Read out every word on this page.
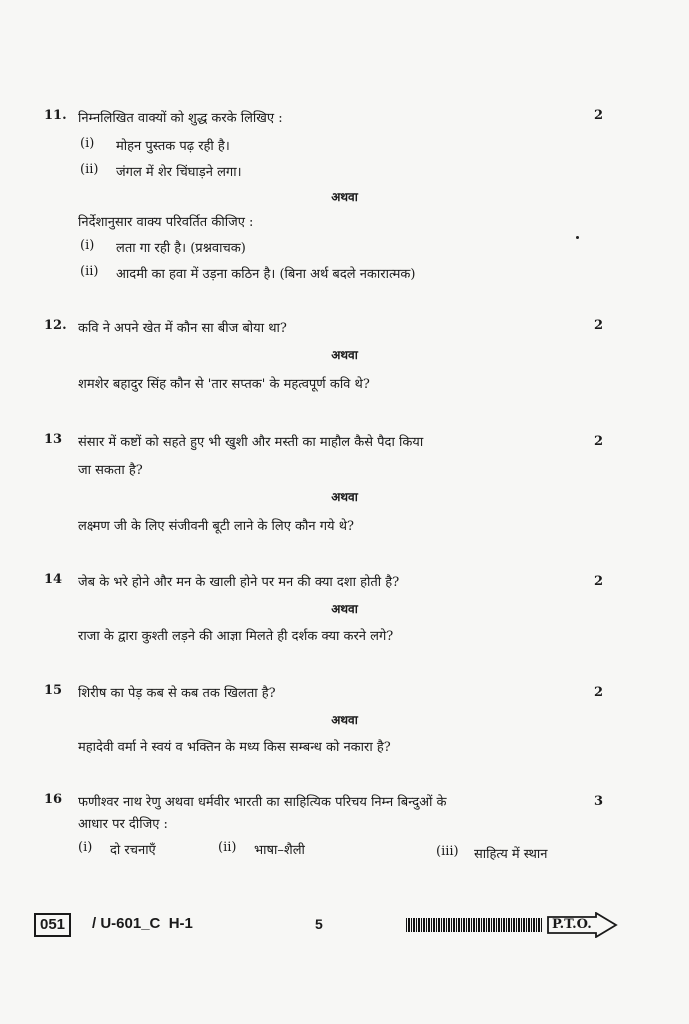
11. निम्नलिखित वाक्यों को शुद्ध करके लिखिए :	2
(i) मोहन पुस्तक पढ़ रही है।
(ii) जंगल में शेर चिंघाड़ने लगा।
अथवा
निर्देशानुसार वाक्य परिवर्तित कीजिए :
(i) लता गा रही है। (प्रश्नवाचक)
(ii) आदमी का हवा में उड़ना कठिन है। (बिना अर्थ बदले नकारात्मक)
12. कवि ने अपने खेत में कौन सा बीज बोया था?	2
अथवा
शमशेर बहादुर सिंह कौन से 'तार सप्तक' के महत्वपूर्ण कवि थे?
13 संसार में कष्टों को सहते हुए भी खुशी और मस्ती का माहौल कैसे पैदा किया	2
जा सकता है?
अथवा
लक्ष्मण जी के लिए संजीवनी बूटी लाने के लिए कौन गये थे?
14 जेब के भरे होने और मन के खाली होने पर मन की क्या दशा होती है?	2
अथवा
राजा के द्वारा कुश्ती लड़ने की आज्ञा मिलते ही दर्शक क्या करने लगे?
15 शिरीष का पेड़ कब से कब तक खिलता है?	2
अथवा
महादेवी वर्मा ने स्वयं व भक्तिन के मध्य किस सम्बन्ध को नकारा है?
16 फणीश्वर नाथ रेणु अथवा धर्मवीर भारती का साहित्यिक परिचय निम्न बिन्दुओं के	3
आधार पर दीजिए :
(i) दो रचनाएँ	(ii) भाषा–शैली	(iii) साहित्य में स्थान
051	/ U-601_C H-1	5	P.T.O.
